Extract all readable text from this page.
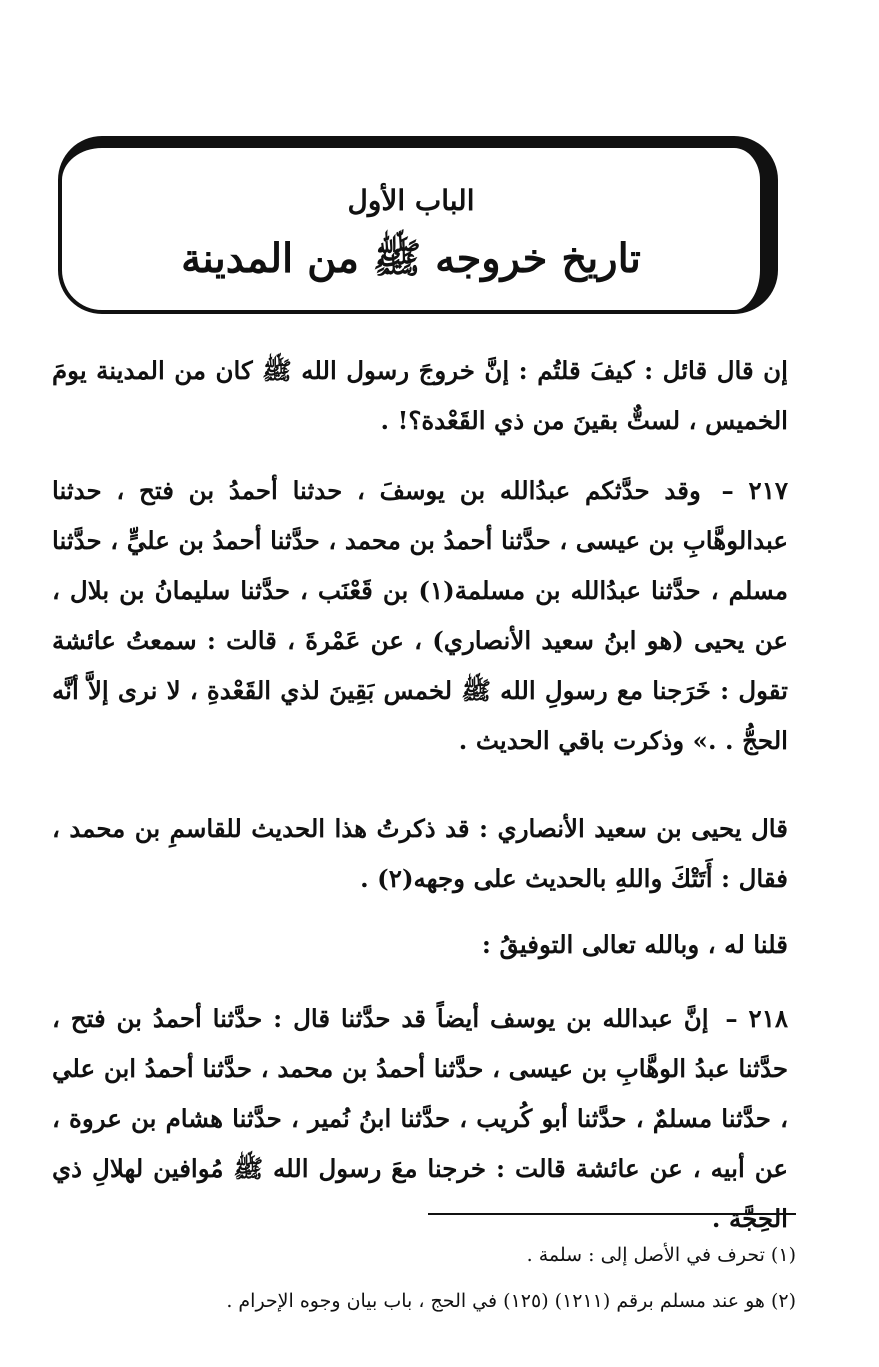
الباب الأول
تاريخ خروجه ﷺ من المدينة

إن قال قائل : كيفَ قلتُم : إنَّ خروجَ رسول الله ﷺ كان من المدينة يومَ الخميس ، لستٌّ بقينَ من ذي القَعْدة؟! .

٢١٧ – وقد حدَّثكم عبدُالله بن يوسفَ ، حدثنا أحمدُ بن فتح ، حدثنا عبدالوهَّابِ بن عيسى ، حدَّثنا أحمدُ بن محمد ، حدَّثنا أحمدُ بن عليٍّ ، حدَّثنا مسلم ، حدَّثنا عبدُالله بن مسلمة(١) بن قَعْنَب ، حدَّثنا سليمانُ بن بلال ، عن يحيى (هو ابنُ سعيد الأنصاري) ، عن عَمْرةَ ، قالت : سمعتُ عائشة تقول : خَرَجنا مع رسولِ الله ﷺ لخمس بَقِينَ لذي القَعْدةِ ، لا نرى إلاَّ أنَّه الحجُّ . .» وذكرت باقي الحديث .

قال يحيى بن سعيد الأنصاري : قد ذكرتُ هذا الحديث للقاسمِ بن محمد ، فقال : أَتَتْكَ واللهِ بالحديث على وجهه(٢) .

قلنا له ، وبالله تعالى التوفيقُ :

٢١٨ – إنَّ عبدالله بن يوسف أيضاً قد حدَّثنا قال : حدَّثنا أحمدُ بن فتح ، حدَّثنا عبدُ الوهَّابِ بن عيسى ، حدَّثنا أحمدُ بن محمد ، حدَّثنا أحمدُ ابن علي ، حدَّثنا مسلمٌ ، حدَّثنا أبو كُريب ، حدَّثنا ابنُ نُمير ، حدَّثنا هشام بن عروة ، عن أبيه ، عن عائشة قالت : خرجنا معَ رسول الله ﷺ مُوافين لهلالِ ذي الحِجَّة .

(١) تحرف في الأصل إلى : سلمة .

(٢) هو عند مسلم برقم (١٢١١) (١٢٥) في الحج ، باب بيان وجوه الإحرام .
